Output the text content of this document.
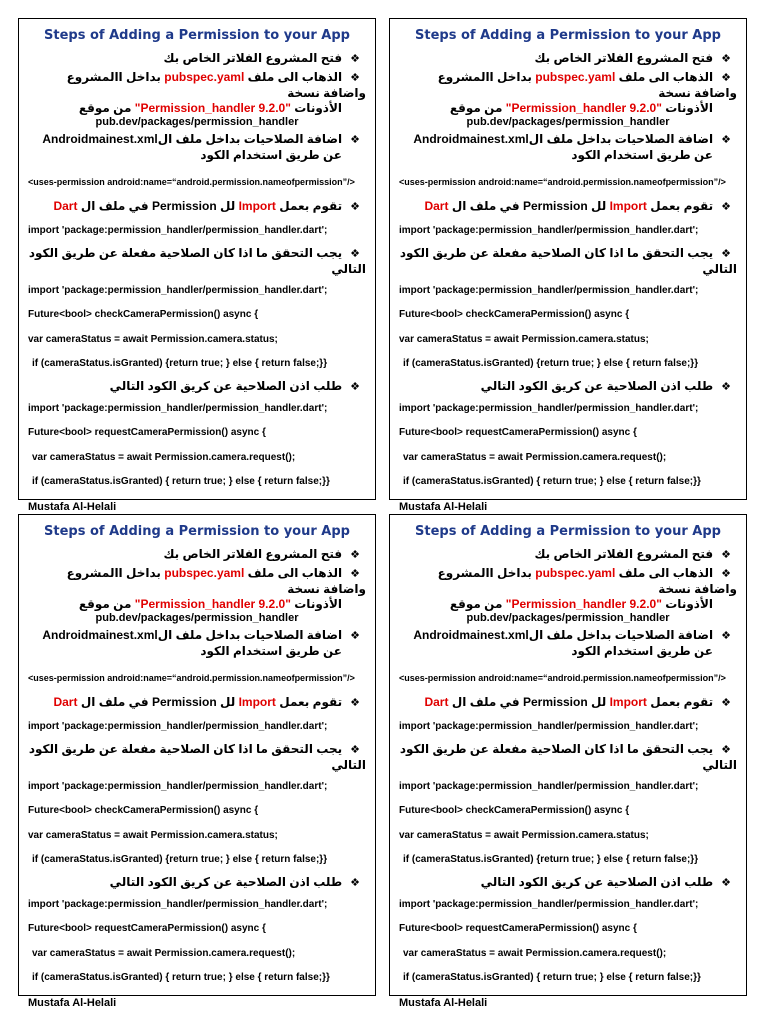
Steps of Adding a Permission to your App
❖فتح المشروع الفلاتر الخاص بك
❖الذهاب الى ملف pubspec.yaml بداخل االمشروع واضافة نسخة
الأذونات "Permission_handler 9.2.0" من موقع
pub.dev/packages/permission_handler
❖اضافة الصلاحيات بداخل ملف الAndroidmainest.xml
عن طريق استخدام الكود
<uses-permission android:name=“android.permission.nameofpermission”/>
❖تقوم بعمل Import لل Permission في ملف ال Dart
import 'package:permission_handler/permission_handler.dart';
❖يجب التحقق ما اذا كان الصلاحية مفعلة عن طريق الكود التالي
import 'package:permission_handler/permission_handler.dart';
Future<bool> checkCameraPermission() async {
var cameraStatus = await Permission.camera.status;
if (cameraStatus.isGranted) {return true; } else { return false;}}
❖طلب اذن الصلاحية عن كريق الكود التالي
import 'package:permission_handler/permission_handler.dart';
Future<bool> requestCameraPermission() async {
var cameraStatus = await Permission.camera.request();
if (cameraStatus.isGranted) { return true; } else { return false;}}
Mustafa Al-Helali
Steps of Adding a Permission to your App
❖فتح المشروع الفلاتر الخاص بك
❖الذهاب الى ملف pubspec.yaml بداخل االمشروع واضافة نسخة
الأذونات "Permission_handler 9.2.0" من موقع
pub.dev/packages/permission_handler
❖اضافة الصلاحيات بداخل ملف الAndroidmainest.xml
عن طريق استخدام الكود
<uses-permission android:name=“android.permission.nameofpermission”/>
❖تقوم بعمل Import لل Permission في ملف ال Dart
import 'package:permission_handler/permission_handler.dart';
❖يجب التحقق ما اذا كان الصلاحية مفعلة عن طريق الكود التالي
import 'package:permission_handler/permission_handler.dart';
Future<bool> checkCameraPermission() async {
var cameraStatus = await Permission.camera.status;
if (cameraStatus.isGranted) {return true; } else { return false;}}
❖طلب اذن الصلاحية عن كريق الكود التالي
import 'package:permission_handler/permission_handler.dart';
Future<bool> requestCameraPermission() async {
var cameraStatus = await Permission.camera.request();
if (cameraStatus.isGranted) { return true; } else { return false;}}
Mustafa Al-Helali
Steps of Adding a Permission to your App
❖فتح المشروع الفلاتر الخاص بك
❖الذهاب الى ملف pubspec.yaml بداخل االمشروع واضافة نسخة
الأذونات "Permission_handler 9.2.0" من موقع
pub.dev/packages/permission_handler
❖اضافة الصلاحيات بداخل ملف الAndroidmainest.xml
عن طريق استخدام الكود
<uses-permission android:name=“android.permission.nameofpermission”/>
❖تقوم بعمل Import لل Permission في ملف ال Dart
import 'package:permission_handler/permission_handler.dart';
❖يجب التحقق ما اذا كان الصلاحية مفعلة عن طريق الكود التالي
import 'package:permission_handler/permission_handler.dart';
Future<bool> checkCameraPermission() async {
var cameraStatus = await Permission.camera.status;
if (cameraStatus.isGranted) {return true; } else { return false;}}
❖طلب اذن الصلاحية عن كريق الكود التالي
import 'package:permission_handler/permission_handler.dart';
Future<bool> requestCameraPermission() async {
var cameraStatus = await Permission.camera.request();
if (cameraStatus.isGranted) { return true; } else { return false;}}
Mustafa Al-Helali
Steps of Adding a Permission to your App
❖فتح المشروع الفلاتر الخاص بك
❖الذهاب الى ملف pubspec.yaml بداخل االمشروع واضافة نسخة
الأذونات "Permission_handler 9.2.0" من موقع
pub.dev/packages/permission_handler
❖اضافة الصلاحيات بداخل ملف الAndroidmainest.xml
عن طريق استخدام الكود
<uses-permission android:name=“android.permission.nameofpermission”/>
❖تقوم بعمل Import لل Permission في ملف ال Dart
import 'package:permission_handler/permission_handler.dart';
❖يجب التحقق ما اذا كان الصلاحية مفعلة عن طريق الكود التالي
import 'package:permission_handler/permission_handler.dart';
Future<bool> checkCameraPermission() async {
var cameraStatus = await Permission.camera.status;
if (cameraStatus.isGranted) {return true; } else { return false;}}
❖طلب اذن الصلاحية عن كريق الكود التالي
import 'package:permission_handler/permission_handler.dart';
Future<bool> requestCameraPermission() async {
var cameraStatus = await Permission.camera.request();
if (cameraStatus.isGranted) { return true; } else { return false;}}
Mustafa Al-Helali
